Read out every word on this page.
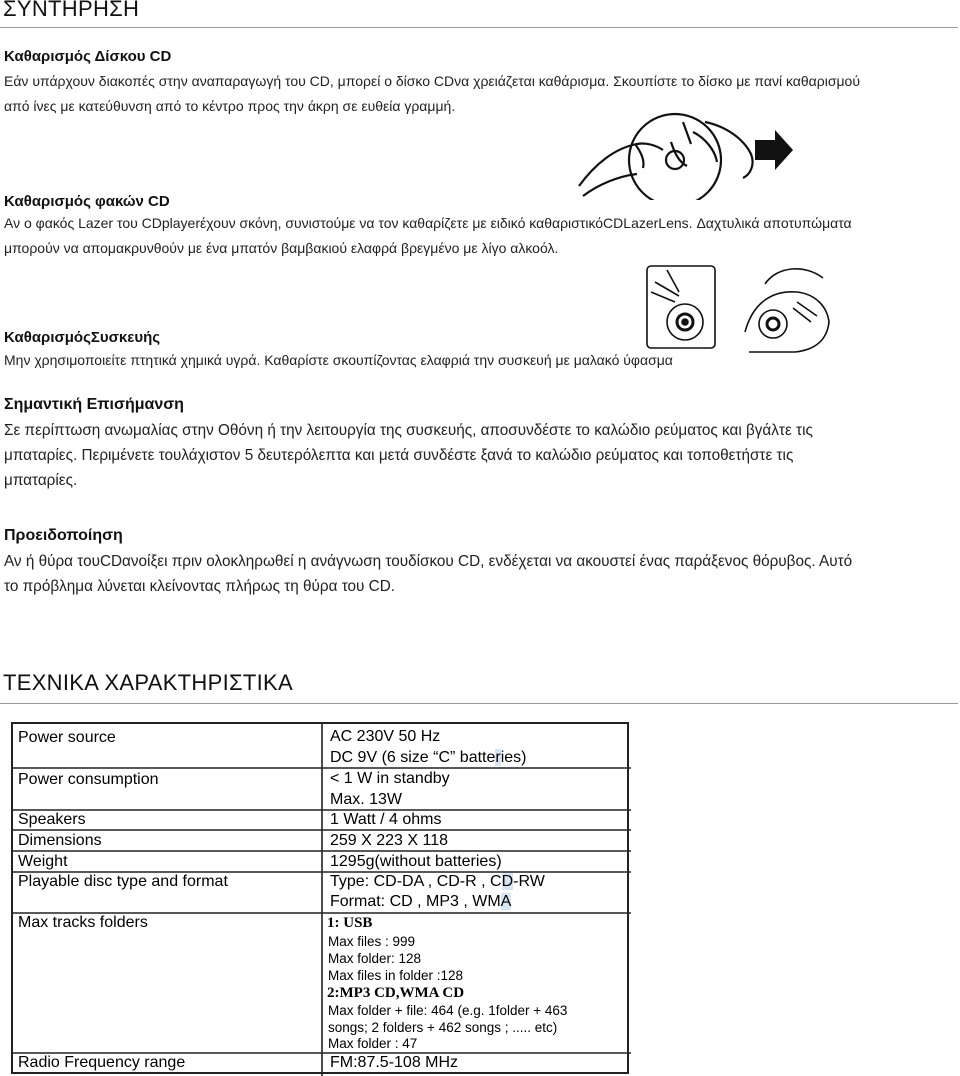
ΣΥΝΤΗΡΗΣΗ
Καθαρισμός Δίσκου CD
Εάν υπάρχουν διακοπές στην αναπαραγωγή του CD, μπορεί ο δίσκο CDνα χρειάζεται καθάρισμα. Σκουπίστε το δίσκο με πανί καθαρισμού
από ίνες με κατεύθυνση από το κέντρο προς την άκρη σε ευθεία γραμμή.
Καθαρισμός φακών CD
Αν ο φακός Lazer του CDplayerέχουν σκόνη, συνιστούμε να τον καθαρίζετε με ειδικό καθαριστικόCDLazerLens. Δαχτυλικά αποτυπώματα
μπορούν να απομακρυνθούν με ένα μπατόν βαμβακιού ελαφρά βρεγμένο με λίγο αλκοόλ.
ΚαθαρισμόςΣυσκευής
Μην χρησιμοποιείτε πτητικά χημικά υγρά. Καθαρίστε σκουπίζοντας ελαφριά την συσκευή με μαλακό ύφασμα
Σημαντική Επισήμανση
Σε περίπτωση ανωμαλίας στην Οθόνη ή την λειτουργία της συσκευής, αποσυνδέστε το καλώδιο ρεύματος και βγάλτε τις
μπαταρίες. Περιμένετε τουλάχιστον 5 δευτερόλεπτα και μετά συνδέστε ξανά το καλώδιο ρεύματος και τοποθετήστε τις
μπαταρίες.
Προειδοποίηση
Αν ή θύρα τουCDανοίξει πριν ολοκληρωθεί η ανάγνωση τουδίσκου CD, ενδέχεται να ακουστεί ένας παράξενος θόρυβος. Αυτό
το πρόβλημα λύνεται κλείνοντας πλήρως τη θύρα του CD.
ΤΕΧΝΙΚΑ ΧΑΡΑΚΤΗΡΙΣΤΙΚΑ
Power source
Power consumption
Speakers
Dimensions
Weight
Playable disc type and format
Max tracks folders
Radio Frequency range
AC 230V 50 Hz
DC 9V (6 size “C” batteries)
< 1 W in standby
Max. 13W
1 Watt / 4 ohms
259 X 223 X 118
1295g(without batteries)
Type: CD-DA , CD-R , CD-RW
Format: CD , MP3 , WMA
1: USB
Max files : 999
Max folder: 128
Max files in folder :128
2:MP3 CD,WMA CD
Max folder + file: 464 (e.g. 1folder + 463
songs; 2 folders + 462 songs ; ..... etc)
Max folder : 47
FM:87.5-108 MHz
